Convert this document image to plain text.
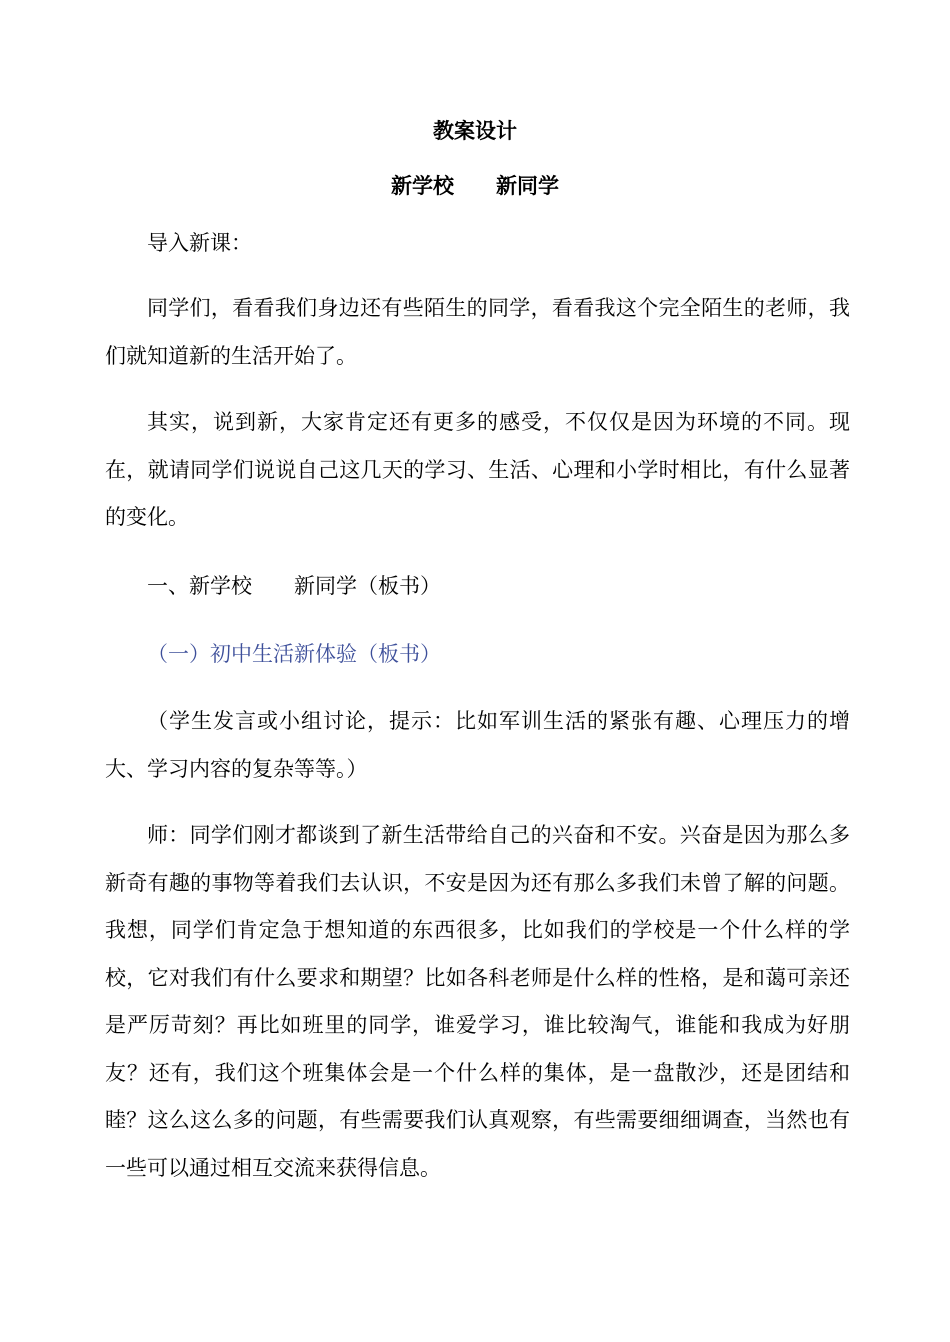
教案设计
新学校　　新同学
导入新课：
同学们，看看我们身边还有些陌生的同学，看看我这个完全陌生的老师，我们就知道新的生活开始了。
其实，说到新，大家肯定还有更多的感受，不仅仅是因为环境的不同。现在，就请同学们说说自己这几天的学习、生活、心理和小学时相比，有什么显著的变化。
一、新学校　　新同学（板书）
（一）初中生活新体验（板书）
（学生发言或小组讨论，提示：比如军训生活的紧张有趣、心理压力的增大、学习内容的复杂等等。）
师：同学们刚才都谈到了新生活带给自己的兴奋和不安。兴奋是因为那么多新奇有趣的事物等着我们去认识，不安是因为还有那么多我们未曾了解的问题。我想，同学们肯定急于想知道的东西很多，比如我们的学校是一个什么样的学校，它对我们有什么要求和期望？比如各科老师是什么样的性格，是和蔼可亲还是严厉苛刻？再比如班里的同学，谁爱学习，谁比较淘气，谁能和我成为好朋友？还有，我们这个班集体会是一个什么样的集体，是一盘散沙，还是团结和睦？这么这么多的问题，有些需要我们认真观察，有些需要细细调查，当然也有一些可以通过相互交流来获得信息。
